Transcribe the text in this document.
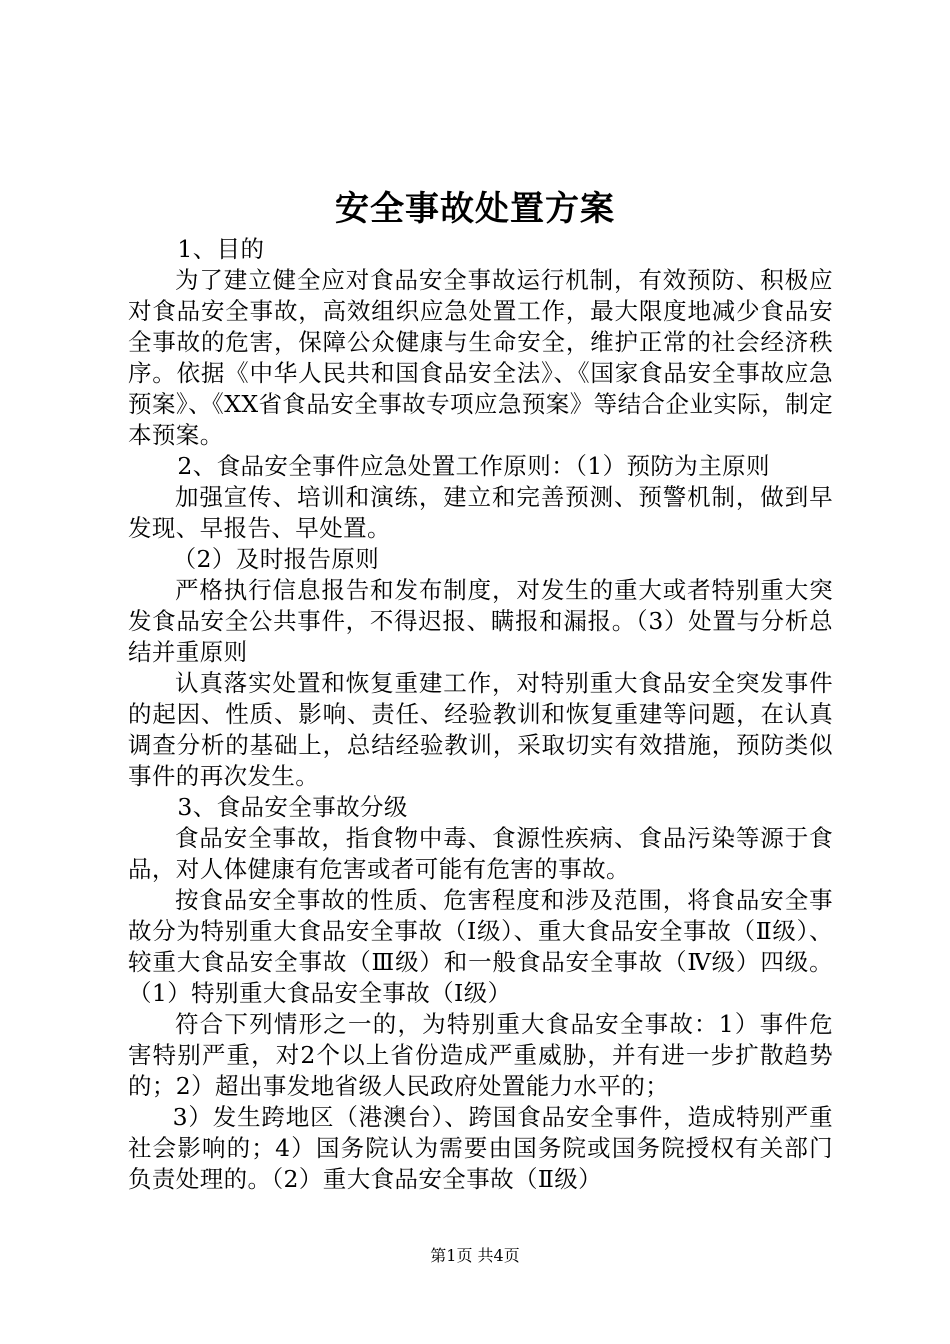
安全事故处置方案

1、目的

为了建立健全应对食品安全事故运行机制，有效预防、积极应对食品安全事故，高效组织应急处置工作，最大限度地减少食品安全事故的危害，保障公众健康与生命安全，维护正常的社会经济秩序。依据《中华人民共和国食品安全法》、《国家食品安全事故应急预案》、《XX省食品安全事故专项应急预案》等结合企业实际，制定本预案。

2、食品安全事件应急处置工作原则：（1）预防为主原则

加强宣传、培训和演练，建立和完善预测、预警机制，做到早发现、早报告、早处置。

（2）及时报告原则

严格执行信息报告和发布制度，对发生的重大或者特别重大突发食品安全公共事件，不得迟报、瞒报和漏报。（3）处置与分析总结并重原则

认真落实处置和恢复重建工作，对特别重大食品安全突发事件的起因、性质、影响、责任、经验教训和恢复重建等问题，在认真调查分析的基础上，总结经验教训，采取切实有效措施，预防类似事件的再次发生。

3、食品安全事故分级

食品安全事故，指食物中毒、食源性疾病、食品污染等源于食品，对人体健康有危害或者可能有危害的事故。

按食品安全事故的性质、危害程度和涉及范围，将食品安全事故分为特别重大食品安全事故（Ⅰ级）、重大食品安全事故（Ⅱ级）、较重大食品安全事故（Ⅲ级）和一般食品安全事故（Ⅳ级）四级。（1）特别重大食品安全事故（Ⅰ级）

符合下列情形之一的，为特别重大食品安全事故：1）事件危害特别严重，对2个以上省份造成严重威胁，并有进一步扩散趋势的；2）超出事发地省级人民政府处置能力水平的；

3）发生跨地区（港澳台）、跨国食品安全事件，造成特别严重社会影响的；4）国务院认为需要由国务院或国务院授权有关部门负责处理的。（2）重大食品安全事故（Ⅱ级）

第1页 共4页
